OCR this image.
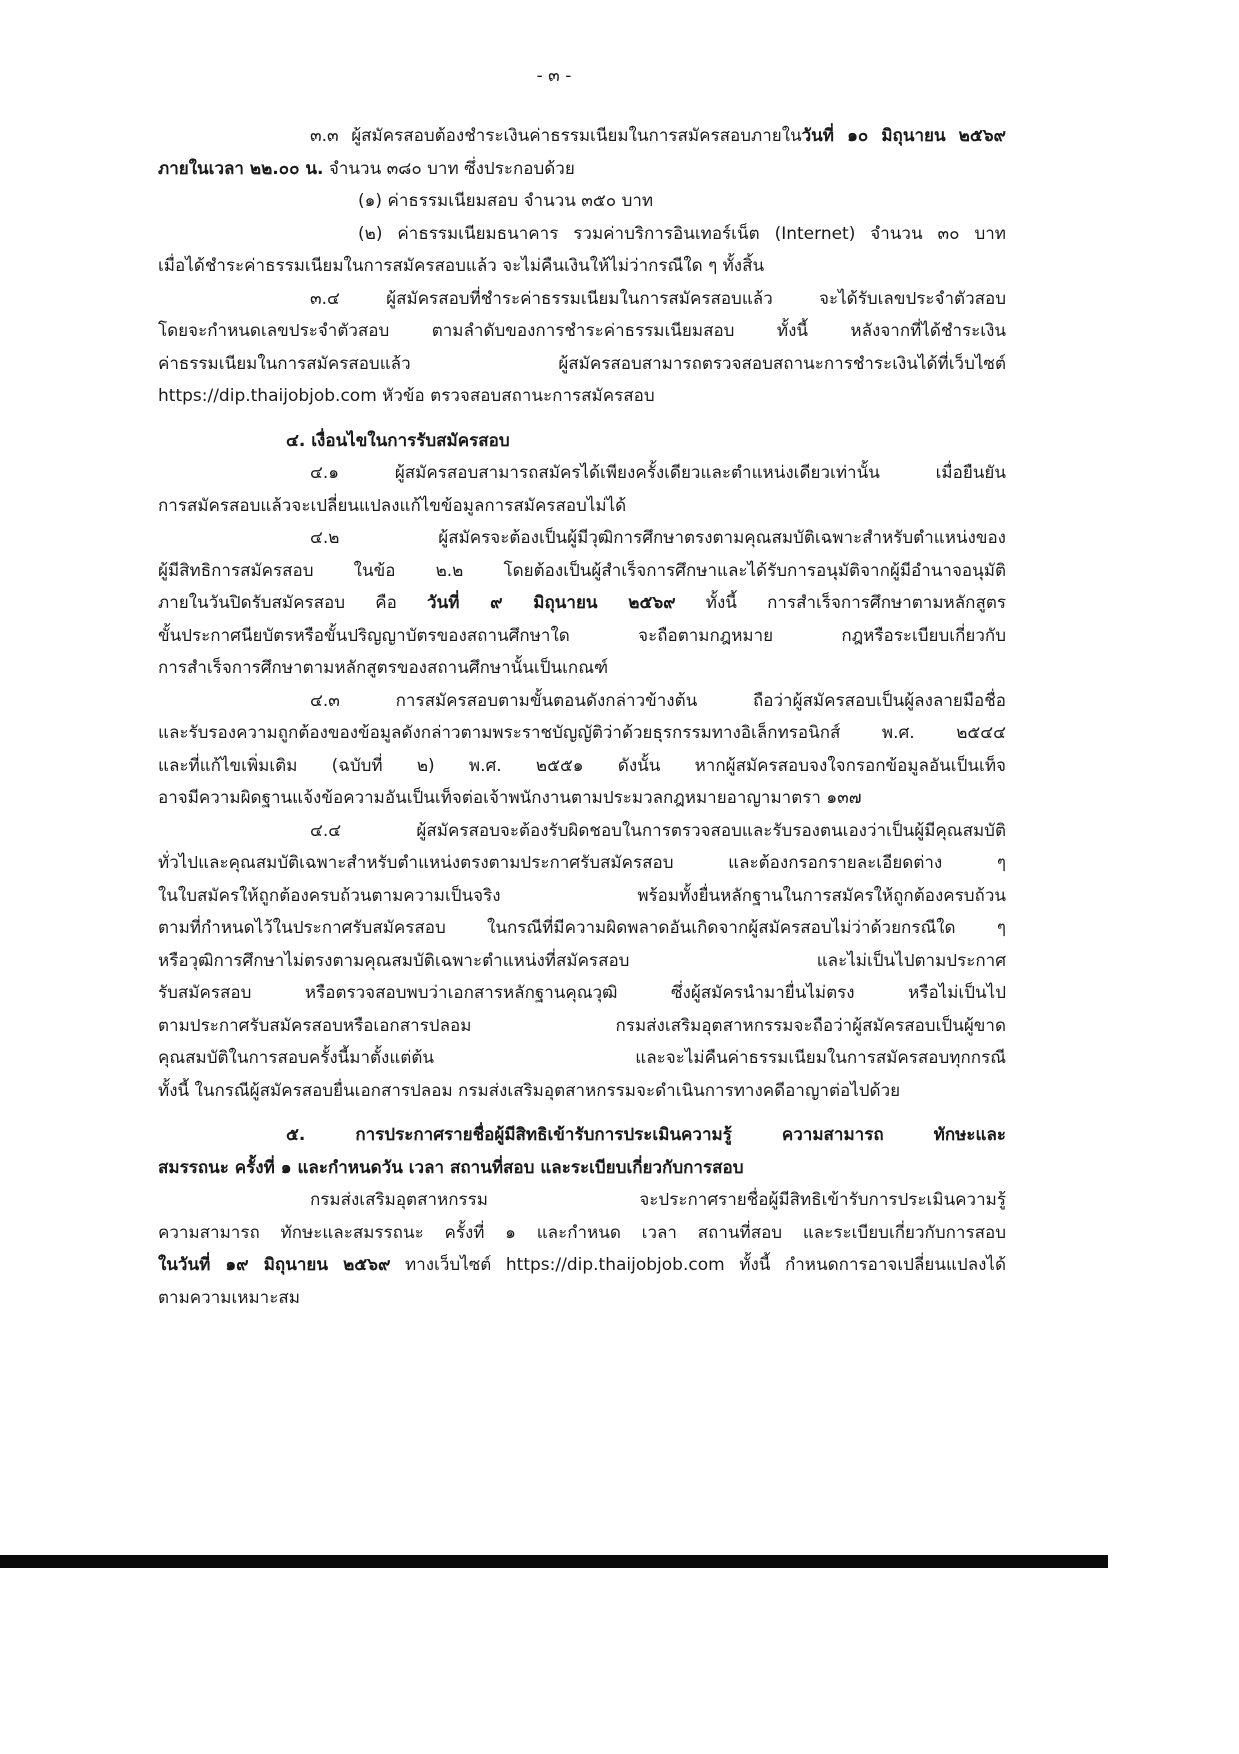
- ๓ -
๓.๓ ผู้สมัครสอบต้องชำระเงินค่าธรรมเนียมในการสมัครสอบภายในวันที่ ๑๐ มิถุนายน ๒๕๖๙
ภายในเวลา ๒๒.๐๐ น. จำนวน ๓๘๐ บาท ซึ่งประกอบด้วย
(๑) ค่าธรรมเนียมสอบ จำนวน ๓๕๐ บาท
(๒) ค่าธรรมเนียมธนาคาร รวมค่าบริการอินเทอร์เน็ต (Internet) จำนวน ๓๐ บาท
เมื่อได้ชำระค่าธรรมเนียมในการสมัครสอบแล้ว จะไม่คืนเงินให้ไม่ว่ากรณีใด ๆ ทั้งสิ้น
๓.๔ ผู้สมัครสอบที่ชำระค่าธรรมเนียมในการสมัครสอบแล้ว จะได้รับเลขประจำตัวสอบ
โดยจะกำหนดเลขประจำตัวสอบ ตามลำดับของการชำระค่าธรรมเนียมสอบ ทั้งนี้ หลังจากที่ได้ชำระเงิน
ค่าธรรมเนียมในการสมัครสอบแล้ว ผู้สมัครสอบสามารถตรวจสอบสถานะการชำระเงินได้ที่เว็บไซต์
https://dip.thaijobjob.com หัวข้อ ตรวจสอบสถานะการสมัครสอบ
๔. เงื่อนไขในการรับสมัครสอบ
๔.๑ ผู้สมัครสอบสามารถสมัครได้เพียงครั้งเดียวและตำแหน่งเดียวเท่านั้น เมื่อยืนยัน
การสมัครสอบแล้วจะเปลี่ยนแปลงแก้ไขข้อมูลการสมัครสอบไม่ได้
๔.๒ ผู้สมัครจะต้องเป็นผู้มีวุฒิการศึกษาตรงตามคุณสมบัติเฉพาะสำหรับตำแหน่งของ
ผู้มีสิทธิการสมัครสอบ ในข้อ ๒.๒ โดยต้องเป็นผู้สำเร็จการศึกษาและได้รับการอนุมัติจากผู้มีอำนาจอนุมัติ
ภายในวันปิดรับสมัครสอบ คือ วันที่ ๙ มิถุนายน ๒๕๖๙ ทั้งนี้ การสำเร็จการศึกษาตามหลักสูตร
ขั้นประกาศนียบัตรหรือขั้นปริญญาบัตรของสถานศึกษาใด จะถือตามกฎหมาย กฎหรือระเบียบเกี่ยวกับ
การสำเร็จการศึกษาตามหลักสูตรของสถานศึกษานั้นเป็นเกณฑ์
๔.๓ การสมัครสอบตามขั้นตอนดังกล่าวข้างต้น ถือว่าผู้สมัครสอบเป็นผู้ลงลายมือชื่อ
และรับรองความถูกต้องของข้อมูลดังกล่าวตามพระราชบัญญัติว่าด้วยธุรกรรมทางอิเล็กทรอนิกส์ พ.ศ. ๒๕๔๔
และที่แก้ไขเพิ่มเติม (ฉบับที่ ๒) พ.ศ. ๒๕๕๑ ดังนั้น หากผู้สมัครสอบจงใจกรอกข้อมูลอันเป็นเท็จ
อาจมีความผิดฐานแจ้งข้อความอันเป็นเท็จต่อเจ้าพนักงานตามประมวลกฎหมายอาญามาตรา ๑๓๗
๔.๔ ผู้สมัครสอบจะต้องรับผิดชอบในการตรวจสอบและรับรองตนเองว่าเป็นผู้มีคุณสมบัติ
ทั่วไปและคุณสมบัติเฉพาะสำหรับตำแหน่งตรงตามประกาศรับสมัครสอบ และต้องกรอกรายละเอียดต่าง ๆ
ในใบสมัครให้ถูกต้องครบถ้วนตามความเป็นจริง พร้อมทั้งยื่นหลักฐานในการสมัครให้ถูกต้องครบถ้วน
ตามที่กำหนดไว้ในประกาศรับสมัครสอบ ในกรณีที่มีความผิดพลาดอันเกิดจากผู้สมัครสอบไม่ว่าด้วยกรณีใด ๆ
หรือวุฒิการศึกษาไม่ตรงตามคุณสมบัติเฉพาะตำแหน่งที่สมัครสอบ และไม่เป็นไปตามประกาศ
รับสมัครสอบ หรือตรวจสอบพบว่าเอกสารหลักฐานคุณวุฒิ ซึ่งผู้สมัครนำมายื่นไม่ตรง หรือไม่เป็นไป
ตามประกาศรับสมัครสอบหรือเอกสารปลอม กรมส่งเสริมอุตสาหกรรมจะถือว่าผู้สมัครสอบเป็นผู้ขาด
คุณสมบัติในการสอบครั้งนี้มาตั้งแต่ต้น และจะไม่คืนค่าธรรมเนียมในการสมัครสอบทุกกรณี
ทั้งนี้ ในกรณีผู้สมัครสอบยื่นเอกสารปลอม กรมส่งเสริมอุตสาหกรรมจะดำเนินการทางคดีอาญาต่อไปด้วย
๕. การประกาศรายชื่อผู้มีสิทธิเข้ารับการประเมินความรู้ ความสามารถ ทักษะและ
สมรรถนะ ครั้งที่ ๑ และกำหนดวัน เวลา สถานที่สอบ และระเบียบเกี่ยวกับการสอบ
กรมส่งเสริมอุตสาหกรรม จะประกาศรายชื่อผู้มีสิทธิเข้ารับการประเมินความรู้
ความสามารถ ทักษะและสมรรถนะ ครั้งที่ ๑ และกำหนด เวลา สถานที่สอบ และระเบียบเกี่ยวกับการสอบ
ในวันที่ ๑๙ มิถุนายน ๒๕๖๙ ทางเว็บไซต์ https://dip.thaijobjob.com ทั้งนี้ กำหนดการอาจเปลี่ยนแปลงได้
ตามความเหมาะสม
